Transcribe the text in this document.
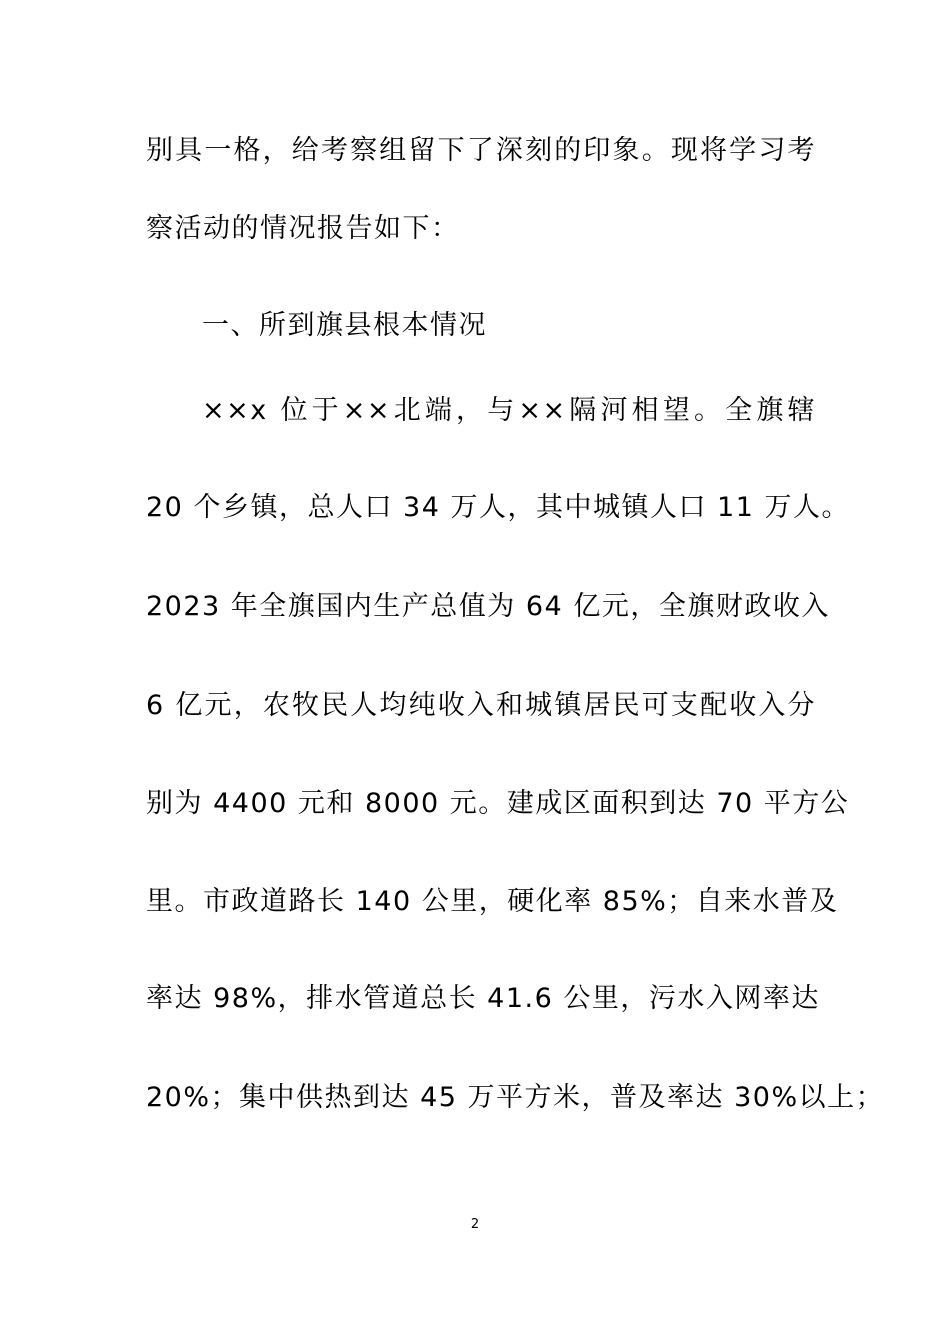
别具一格，给考察组留下了深刻的印象。现将学习考
察活动的情况报告如下：
一、所到旗县根本情况
××x 位于××北端，与××隔河相望。全旗辖
20 个乡镇，总人口 34 万人，其中城镇人口 11 万人。
2023 年全旗国内生产总值为 64 亿元，全旗财政收入
6 亿元，农牧民人均纯收入和城镇居民可支配收入分
别为 4400 元和 8000 元。建成区面积到达 70 平方公
里。市政道路长 140 公里，硬化率 85%；自来水普及
率达 98%，排水管道总长 41.6 公里，污水入网率达
20%；集中供热到达 45 万平方米，普及率达 30%以上；
2
